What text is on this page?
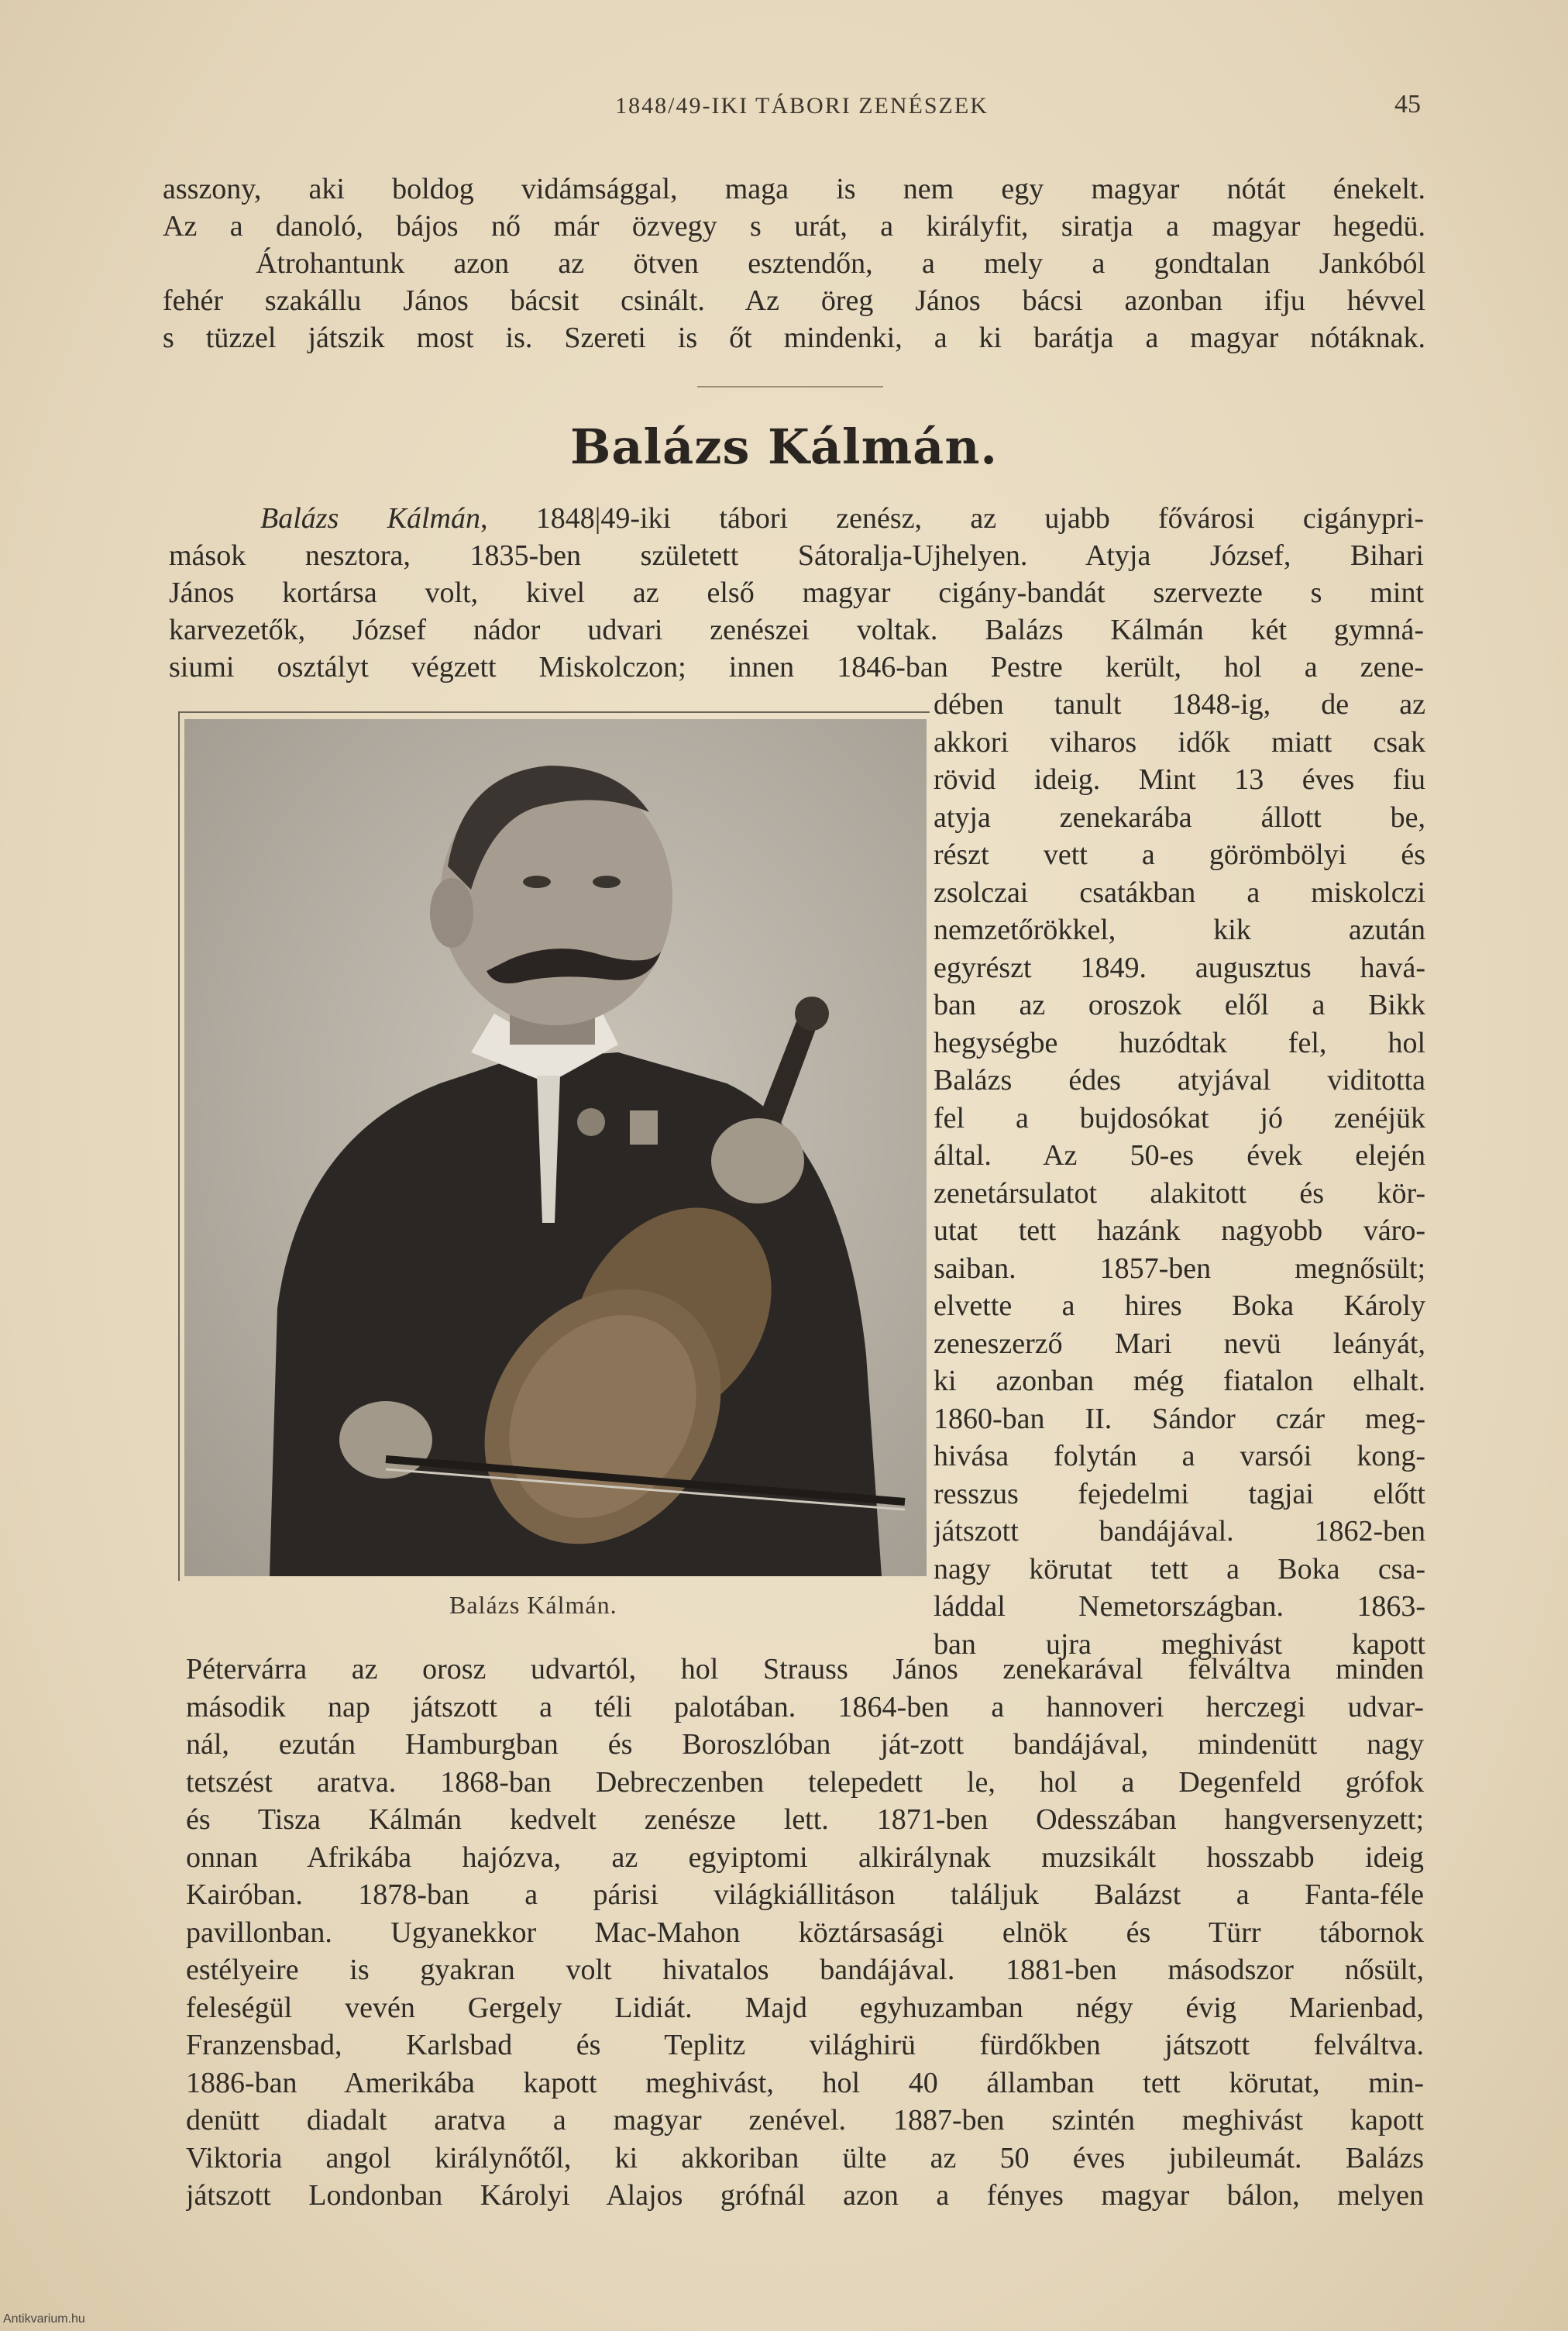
1848/49-IKI TÁBORI ZENÉSZEK	45
asszony, aki boldog vidámsággal, maga is nem egy magyar nótát énekelt.
Az a danoló, bájos nő már özvegy s urát, a királyfit, siratja a magyar hegedü.
Átrohantunk azon az ötven esztendőn, a mely a gondtalan Jankóból
fehér szakállu János bácsit csinált. Az öreg János bácsi azonban ifju hévvel
s tüzzel játszik most is. Szereti is őt mindenki, a ki barátja a magyar nótáknak.
Balázs Kálmán.
Balázs Kálmán, 1848|49-iki tábori zenész, az ujabb fővárosi cigánypri-
mások nesztora, 1835-ben született Sátoralja-Ujhelyen. Atyja József, Bihari
János kortársa volt, kivel az első magyar cigány-bandát szervezte s mint
karvezetők, József nádor udvari zenészei voltak. Balázs Kálmán két gymná-
siumi osztályt végzett Miskolczon; innen 1846-ban Pestre került, hol a zene-
Balázs Kálmán.
dében tanult 1848-ig, de az
akkori viharos idők miatt csak
rövid ideig. Mint 13 éves fiu
atyja zenekarába állott be,
részt vett a görömbölyi és
zsolczai csatákban a miskolczi
nemzetőrökkel, kik azután
egyrészt 1849. augusztus havá-
ban az oroszok elől a Bikk
hegységbe huzódtak fel, hol
Balázs édes atyjával viditotta
fel a bujdosókat jó zenéjük
által. Az 50-es évek elején
zenetársulatot alakitott és kör-
utat tett hazánk nagyobb váro-
saiban. 1857-ben megnősült;
elvette a hires Boka Károly
zeneszerző Mari nevü leányát,
ki azonban még fiatalon elhalt.
1860-ban II. Sándor czár meg-
hivása folytán a varsói kong-
resszus fejedelmi tagjai előtt
játszott bandájával. 1862-ben
nagy körutat tett a Boka csa-
láddal Nemetországban. 1863-
ban ujra meghivást kapott
Pétervárra az orosz udvartól, hol Strauss János zenekarával felváltva minden
második nap játszott a téli palotában. 1864-ben a hannoveri herczegi udvar-
nál, ezután Hamburgban és Boroszlóban ját-zott bandájával, mindenütt nagy
tetszést aratva. 1868-ban Debreczenben telepedett le, hol a Degenfeld grófok
és Tisza Kálmán kedvelt zenésze lett. 1871-ben Odesszában hangversenyzett;
onnan Afrikába hajózva, az egyiptomi alkirálynak muzsikált hosszabb ideig
Kairóban. 1878-ban a párisi világkiállitáson találjuk Balázst a Fanta-féle
pavillonban. Ugyanekkor Mac-Mahon köztársasági elnök és Türr tábornok
estélyeire is gyakran volt hivatalos bandájával. 1881-ben másodszor nősült,
feleségül vevén Gergely Lidiát. Majd egyhuzamban négy évig Marienbad,
Franzensbad, Karlsbad és Teplitz világhirü fürdőkben játszott felváltva.
1886-ban Amerikába kapott meghivást, hol 40 államban tett körutat, min-
denütt diadalt aratva a magyar zenével. 1887-ben szintén meghivást kapott
Viktoria angol királynőtől, ki akkoriban ülte az 50 éves jubileumát. Balázs
játszott Londonban Károlyi Alajos grófnál azon a fényes magyar bálon, melyen
Antikvarium.hu
